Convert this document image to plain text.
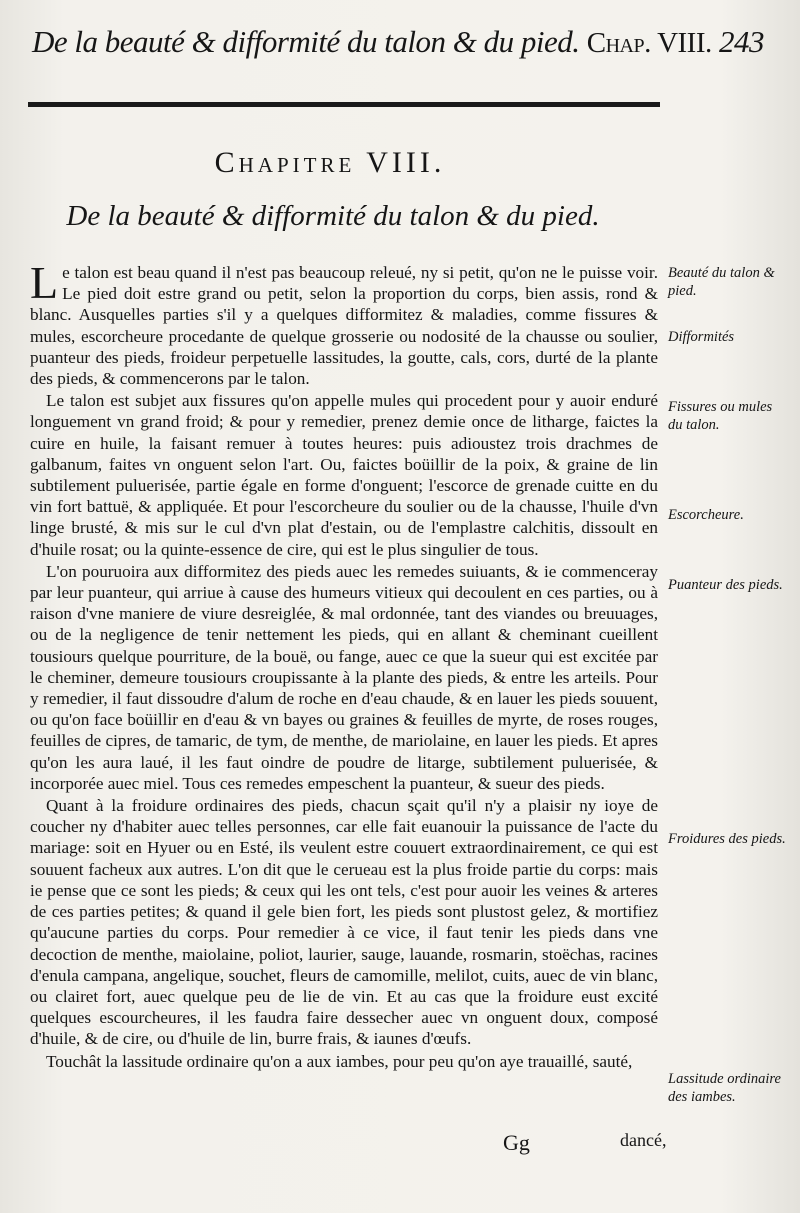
De la beauté & difformité du talon & du pied. Chap. VIII. 243
Chapitre VIII.
De la beauté & difformité du talon & du pied.

Le talon est beau quand il n'est pas beaucoup releué, ny si petit, qu'on ne le puisse voir. Le pied doit estre grand ou petit, selon la proportion du corps, bien assis, rond & blanc. Ausquelles parties s'il y a quelques difformitez & maladies, comme fissures & mules, escorcheure procedante de quelque grosserie ou nodosité de la chausse ou soulier, puanteur des pieds, froideur perpetuelle lassitudes, la goutte, cals, cors, durté de la plante des pieds, & commencerons par le talon.

Le talon est subjet aux fissures qu'on appelle mules qui procedent pour y auoir enduré longuement vn grand froid; & pour y remedier, prenez demie once de litharge, faictes la cuire en huile, la faisant remuer à toutes heures: puis adioustez trois drachmes de galbanum, faites vn onguent selon l'art. Ou, faictes boüillir de la poix, & graine de lin subtilement puluerisée, partie égale en forme d'onguent; l'escorce de grenade cuitte en du vin fort battuë, & appliquée. Et pour l'escorcheure du soulier ou de la chausse, l'huile d'vn linge brusté, & mis sur le cul d'vn plat d'estain, ou de l'emplastre calchitis, dissoult en d'huile rosat; ou la quinte-essence de cire, qui est le plus singulier de tous.

L'on pouruoira aux difformitez des pieds auec les remedes suiuants, & ie commenceray par leur puanteur, qui arriue à cause des humeurs vitieux qui decoulent en ces parties, ou à raison d'vne maniere de viure desreiglée, & mal ordonnée, tant des viandes ou breuuages, ou de la negligence de tenir nettement les pieds, qui en allant & cheminant cueillent tousiours quelque pourriture, de la bouë, ou fange, auec ce que la sueur qui est excitée par le cheminer, demeure tousiours croupissante à la plante des pieds, & entre les arteils. Pour y remedier, il faut dissoudre d'alum de roche en d'eau chaude, & en lauer les pieds souuent, ou qu'on face boüillir en d'eau & vn bayes ou graines & feuilles de myrte, de roses rouges, feuilles de cipres, de tamaric, de tym, de menthe, de mariolaine, en lauer les pieds. Et apres qu'on les aura laué, il les faut oindre de poudre de litarge, subtilement puluerisée, & incorporée auec miel. Tous ces remedes empeschent la puanteur, & sueur des pieds.

Quant à la froidure ordinaires des pieds, chacun sçait qu'il n'y a plaisir ny ioye de coucher ny d'habiter auec telles personnes, car elle fait euanouir la puissance de l'acte du mariage: soit en Hyuer ou en Esté, ils veulent estre couuert extraordinairement, ce qui est souuent facheux aux autres. L'on dit que le cerueau est la plus froide partie du corps: mais ie pense que ce sont les pieds; & ceux qui les ont tels, c'est pour auoir les veines & arteres de ces parties petites; & quand il gele bien fort, les pieds sont plustost gelez, & mortifiez qu'aucune parties du corps. Pour remedier à ce vice, il faut tenir les pieds dans vne decoction de menthe, maiolaine, poliot, laurier, sauge, lauande, rosmarin, stoëchas, racines d'enula campana, angelique, souchet, fleurs de camomille, melilot, cuits, auec de vin blanc, ou clairet fort, auec quelque peu de lie de vin. Et au cas que la froidure eust excité quelques escourcheures, il les faudra faire dessecher auec vn onguent doux, composé d'huile, & de cire, ou d'huile de lin, burre frais, & iaunes d'œufs.

Touchât la lassitude ordinaire qu'on a aux iambes, pour peu qu'on aye trauaillé, sauté,

Beauté du talon & pied.
Difformités
Fissures ou mules du talon.
Escorcheure.
Puanteur des pieds.
Froidures des pieds.
Lassitude ordinaire des iambes.
Gg	dancé,
